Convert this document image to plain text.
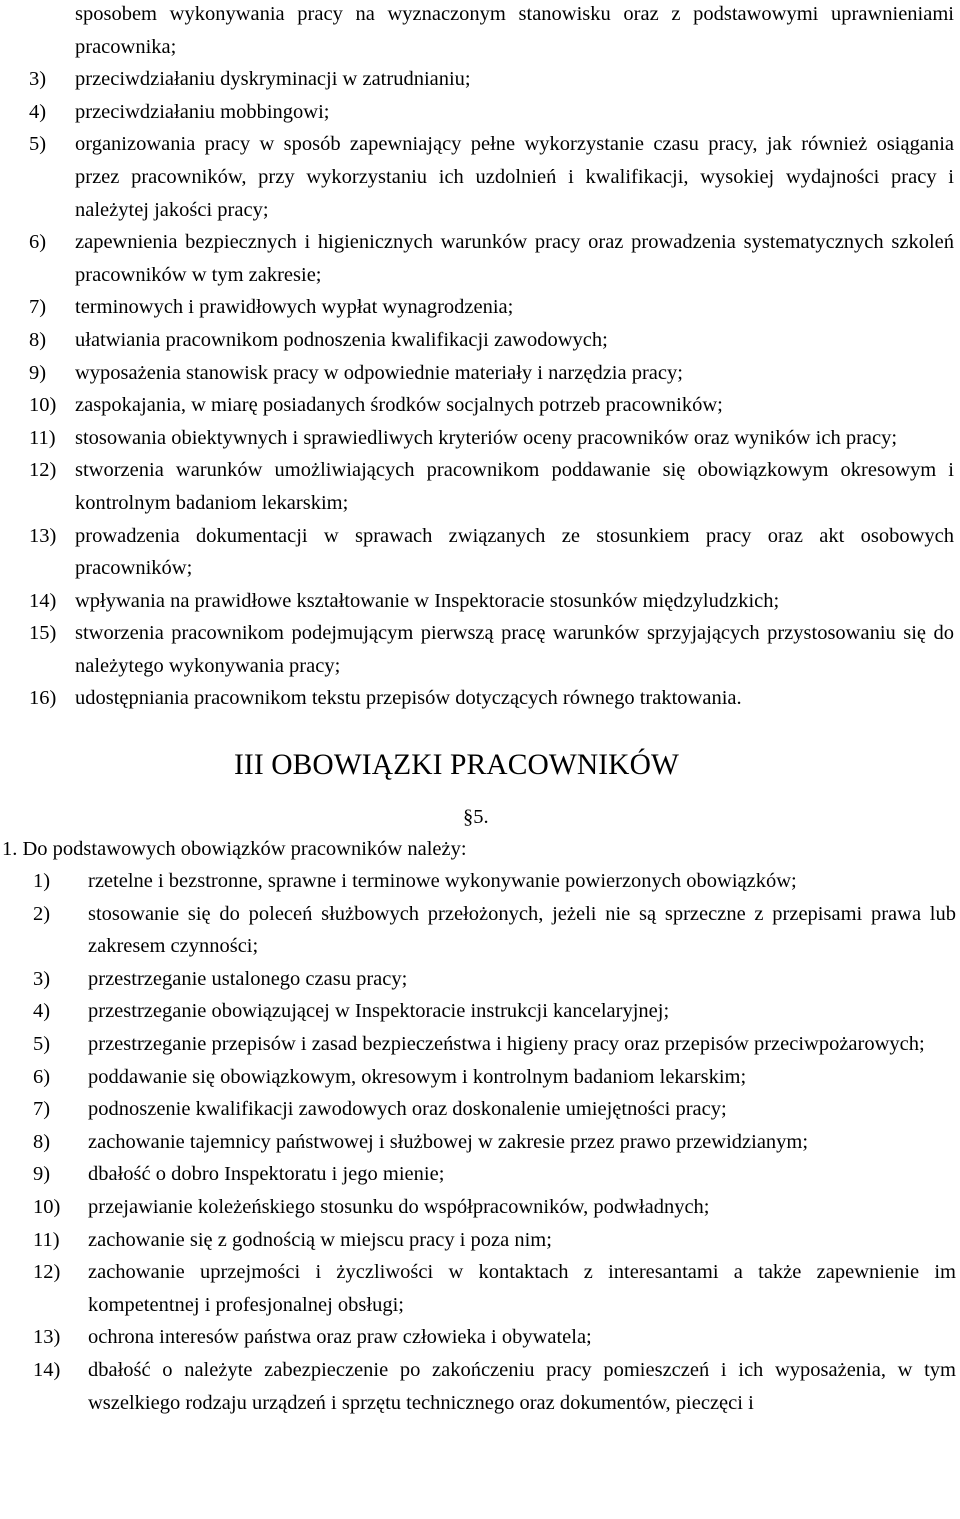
sposobem wykonywania pracy na wyznaczonym stanowisku oraz z podstawowymi uprawnieniami pracownika;
3)	przeciwdziałaniu dyskryminacji w zatrudnianiu;
4)	przeciwdziałaniu mobbingowi;
5)	organizowania pracy w sposób zapewniający pełne wykorzystanie czasu pracy, jak również osiągania przez pracowników, przy wykorzystaniu ich uzdolnień i kwalifikacji, wysokiej wydajności pracy i należytej jakości pracy;
6)	zapewnienia bezpiecznych i higienicznych warunków pracy oraz prowadzenia systematycznych szkoleń pracowników w tym zakresie;
7)	terminowych i prawidłowych wypłat wynagrodzenia;
8)	ułatwiania pracownikom podnoszenia kwalifikacji zawodowych;
9)	wyposażenia stanowisk pracy w odpowiednie materiały i narzędzia pracy;
10) zaspokajania, w miarę posiadanych środków socjalnych potrzeb pracowników;
11) stosowania obiektywnych i sprawiedliwych kryteriów oceny pracowników oraz wyników ich pracy;
12) stworzenia warunków umożliwiających pracownikom poddawanie się obowiązkowym okresowym i kontrolnym badaniom lekarskim;
13) prowadzenia dokumentacji w sprawach związanych ze stosunkiem pracy oraz akt osobowych pracowników;
14) wpływania na prawidłowe kształtowanie w Inspektoracie stosunków międzyludzkich;
15) stworzenia pracownikom podejmującym pierwszą pracę warunków sprzyjających przystosowaniu się do należytego wykonywania pracy;
16) udostępniania pracownikom tekstu przepisów dotyczących równego traktowania.
III OBOWIĄZKI PRACOWNIKÓW
§5.
1. Do podstawowych obowiązków pracowników należy:
1)	rzetelne i bezstronne, sprawne i terminowe wykonywanie powierzonych obowiązków;
2)	stosowanie się do poleceń służbowych przełożonych, jeżeli nie są sprzeczne z przepisami prawa lub zakresem czynności;
3)	przestrzeganie ustalonego czasu pracy;
4)	przestrzeganie obowiązującej w Inspektoracie instrukcji kancelaryjnej;
5)	przestrzeganie przepisów i zasad bezpieczeństwa i higieny pracy oraz przepisów przeciwpożarowych;
6)	poddawanie się obowiązkowym, okresowym i kontrolnym badaniom lekarskim;
7)	podnoszenie kwalifikacji zawodowych oraz doskonalenie umiejętności pracy;
8)	zachowanie tajemnicy państwowej i służbowej w zakresie przez prawo przewidzianym;
9)	dbałość o dobro Inspektoratu i jego mienie;
10)	przejawianie koleżeńskiego stosunku do współpracowników, podwładnych;
11)	zachowanie się z godnością w miejscu pracy i poza nim;
12)	zachowanie uprzejmości i życzliwości w kontaktach z interesantami a także zapewnienie im kompetentnej i profesjonalnej obsługi;
13)	ochrona interesów państwa oraz praw człowieka i obywatela;
14)	dbałość o należyte zabezpieczenie po zakończeniu pracy pomieszczeń i ich wyposażenia, w tym wszelkiego rodzaju urządzeń i sprzętu technicznego oraz dokumentów, pieczęci i
